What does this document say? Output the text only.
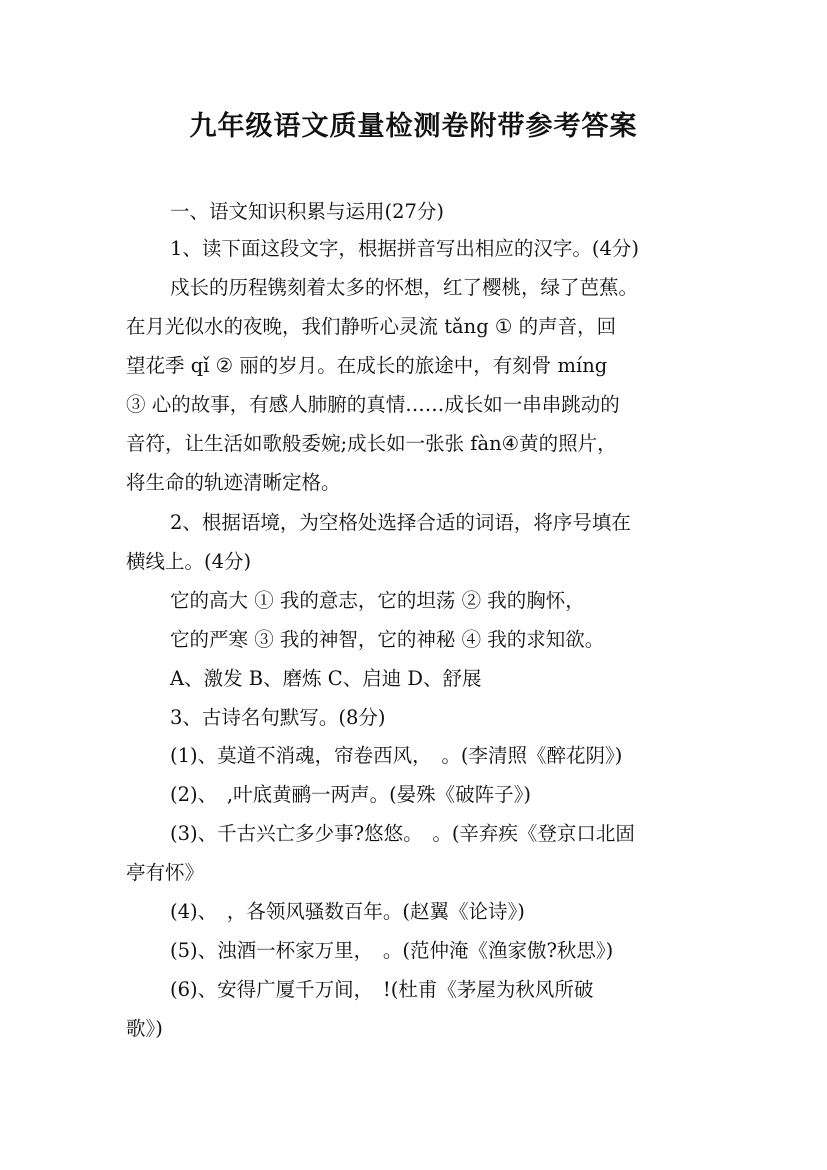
九年级语文质量检测卷附带参考答案
一、语文知识积累与运用(27分)
1、读下面这段文字，根据拼音写出相应的汉字。(4分)
戍长的历程镌刻着太多的怀想，红了樱桃，绿了芭蕉。
在月光似水的夜晚，我们静听心灵流 tǎng ① 的声音，回
望花季 qǐ ② 丽的岁月。在成长的旅途中，有刻骨 míng
③ 心的故事，有感人肺腑的真情……成长如一串串跳动的
音符，让生活如歌般委婉;成长如一张张 fàn④黄的照片，
将生命的轨迹清晰定格。
2、根据语境，为空格处选择合适的词语，将序号填在
横线上。(4分)
它的高大 ① 我的意志，它的坦荡 ② 我的胸怀，
它的严寒 ③ 我的神智，它的神秘 ④ 我的求知欲。
A、激发 B、磨炼 C、启迪 D、舒展
3、古诗名句默写。(8分)
(1)、莫道不消魂，帘卷西风，　。(李清照《醉花阴》)
(2)、　,叶底黄鹂一两声。(晏殊《破阵子》)
(3)、千古兴亡多少事?悠悠。　。(辛弃疾《登京口北固
亭有怀》
(4)、　，各领风骚数百年。(赵翼《论诗》)
(5)、浊酒一杯家万里，　。(范仲淹《渔家傲?秋思》)
(6)、安得广厦千万间，　!(杜甫《茅屋为秋风所破
歌》)
